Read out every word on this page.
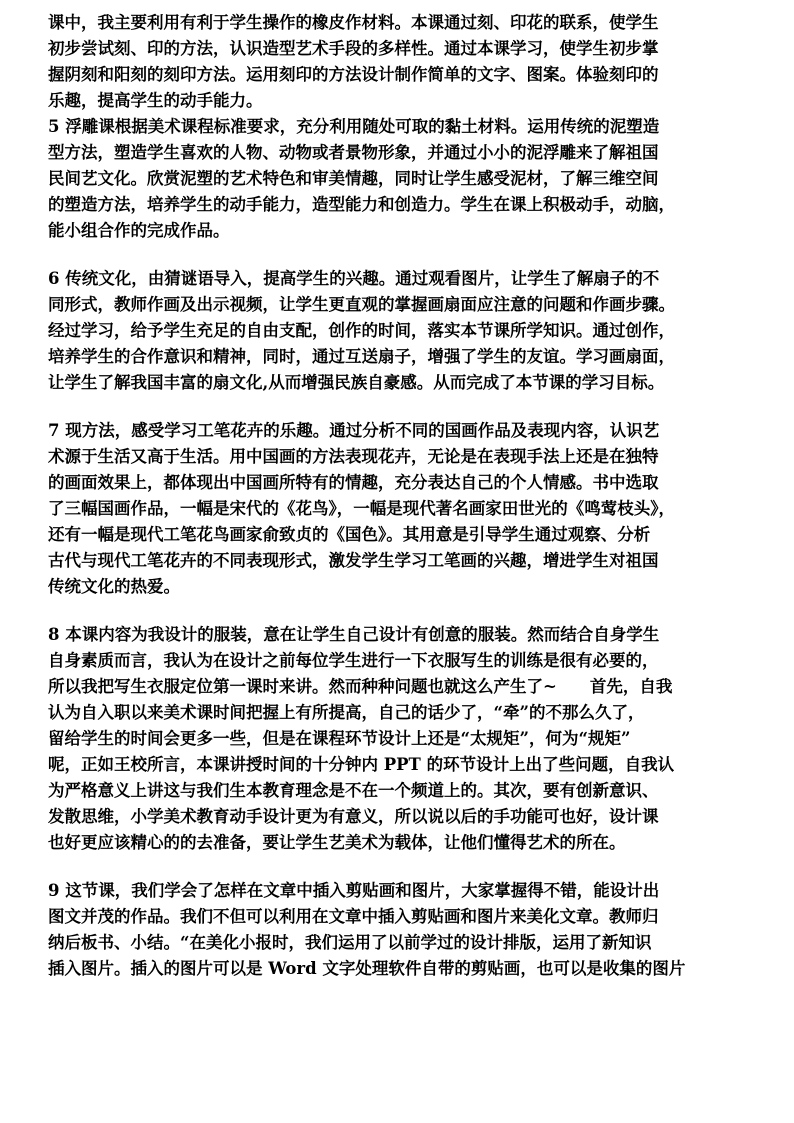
课中，我主要利用有利于学生操作的橡皮作材料。本课通过刻、印花的联系，使学生
初步尝试刻、印的方法，认识造型艺术手段的多样性。通过本课学习，使学生初步掌
握阴刻和阳刻的刻印方法。运用刻印的方法设计制作简单的文字、图案。体验刻印的
乐趣，提高学生的动手能力。
5 浮雕课根据美术课程标准要求，充分利用随处可取的黏土材料。运用传统的泥塑造
型方法，塑造学生喜欢的人物、动物或者景物形象，并通过小小的泥浮雕来了解祖国
民间艺文化。欣赏泥塑的艺术特色和审美情趣，同时让学生感受泥材，了解三维空间
的塑造方法，培养学生的动手能力，造型能力和创造力。学生在课上积极动手，动脑，
能小组合作的完成作品。
6 传统文化，由猜谜语导入，提高学生的兴趣。通过观看图片，让学生了解扇子的不
同形式，教师作画及出示视频，让学生更直观的掌握画扇面应注意的问题和作画步骤。
经过学习，给予学生充足的自由支配，创作的时间，落实本节课所学知识。通过创作，
培养学生的合作意识和精神，同时，通过互送扇子，增强了学生的友谊。学习画扇面，
让学生了解我国丰富的扇文化,从而增强民族自豪感。从而完成了本节课的学习目标。
7 现方法，感受学习工笔花卉的乐趣。通过分析不同的国画作品及表现内容，认识艺
术源于生活又高于生活。用中国画的方法表现花卉，无论是在表现手法上还是在独特
的画面效果上，都体现出中国画所特有的情趣，充分表达自己的个人情感。书中选取
了三幅国画作品，一幅是宋代的《花鸟》，一幅是现代著名画家田世光的《鸣莺枝头》，
还有一幅是现代工笔花鸟画家俞致贞的《国色》。其用意是引导学生通过观察、分析
古代与现代工笔花卉的不同表现形式，激发学生学习工笔画的兴趣，增进学生对祖国
传统文化的热爱。
8 本课内容为我设计的服装，意在让学生自己设计有创意的服装。然而结合自身学生
自身素质而言，我认为在设计之前每位学生进行一下衣服写生的训练是很有必要的，
所以我把写生衣服定位第一课时来讲。然而种种问题也就这么产生了~　　首先，自我
认为自入职以来美术课时间把握上有所提高，自己的话少了，“牵”的不那么久了，
留给学生的时间会更多一些，但是在课程环节设计上还是“太规矩”，何为“规矩”
呢，正如王校所言，本课讲授时间的十分钟内 PPT 的环节设计上出了些问题，自我认
为严格意义上讲这与我们生本教育理念是不在一个频道上的。其次，要有创新意识、
发散思维，小学美术教育动手设计更为有意义，所以说以后的手功能可也好，设计课
也好更应该精心的的去准备，要让学生艺美术为载体，让他们懂得艺术的所在。
9 这节课，我们学会了怎样在文章中插入剪贴画和图片，大家掌握得不错，能设计出
图文并茂的作品。我们不但可以利用在文章中插入剪贴画和图片来美化文章。教师归
纳后板书、小结。“在美化小报时，我们运用了以前学过的设计排版，运用了新知识
插入图片。插入的图片可以是 Word 文字处理软件自带的剪贴画，也可以是收集的图片
